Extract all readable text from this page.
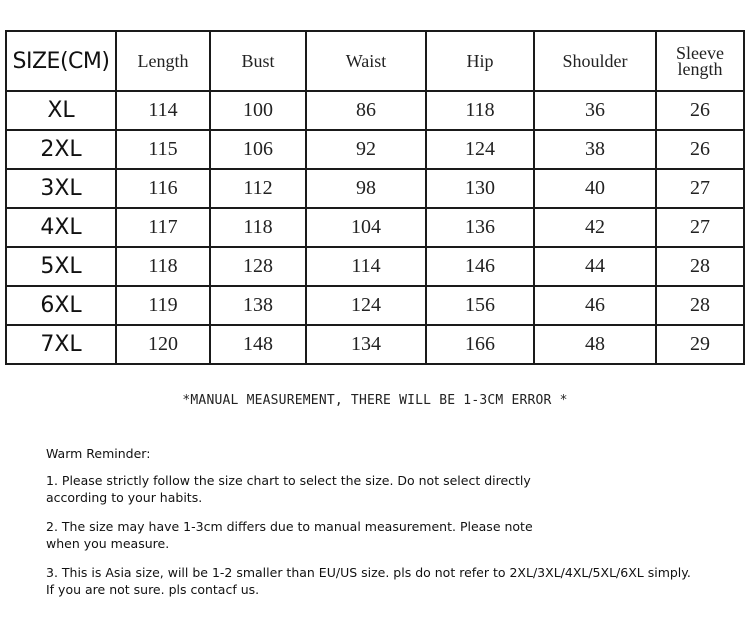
SIZE(CM)	Length	Bust	Waist	Hip	Shoulder	Sleeve
length
XL	114	100	86	118	36	26
2XL	115	106	92	124	38	26
3XL	116	112	98	130	40	27
4XL	117	118	104	136	42	27
5XL	118	128	114	146	44	28
6XL	119	138	124	156	46	28
7XL	120	148	134	166	48	29
*MANUAL MEASUREMENT, THERE WILL BE 1-3CM ERROR *
Warm Reminder:
1. Please strictly follow the size chart to select the size. Do not select directly
according to your habits.
2. The size may have 1-3cm differs due to manual measurement. Please note
when you measure.
3. This is Asia size, will be 1-2 smaller than EU/US size. pls do not refer to 2XL/3XL/4XL/5XL/6XL simply.
If you are not sure. pls contacf us.
